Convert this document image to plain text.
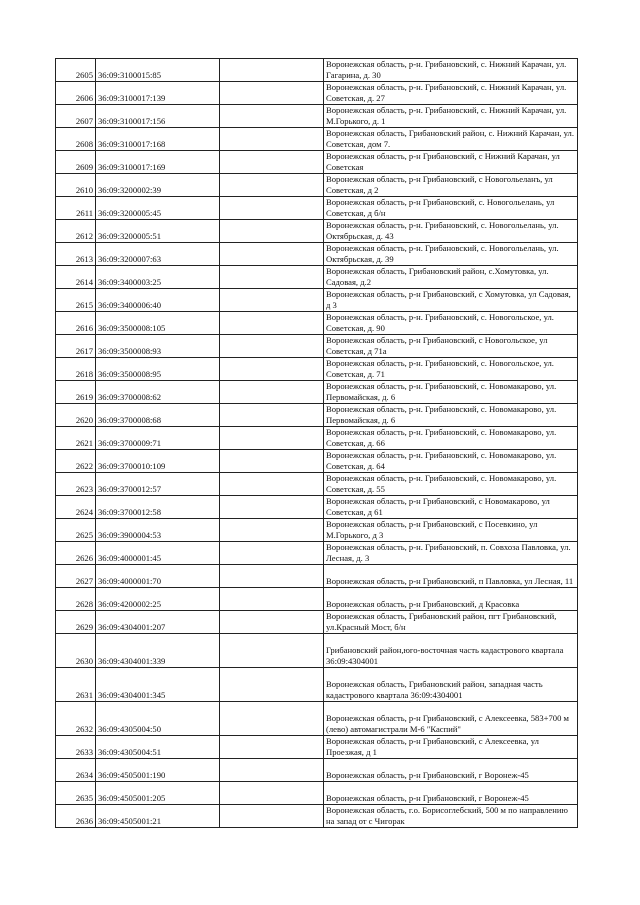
2605	36:09:3100015:85		Воронежская область, р-н. Грибановский, с. Нижний Карачан, ул. Гагарина, д. 30

2606	36:09:3100017:139		Воронежская область, р-н. Грибановский, с. Нижний Карачан, ул. Советская, д. 27

2607	36:09:3100017:156		Воронежская область, р-н. Грибановский, с. Нижний Карачан, ул. М.Горького, д. 1

2608	36:09:3100017:168		Воронежская область, Грибановский район, с. Нижний Карачан, ул. Советская, дом 7.

2609	36:09:3100017:169		Воронежская область, р-н Грибановский, с Нижний Карачан, ул Советская

2610	36:09:3200002:39		Воронежская область, р-н Грибановский, с Новогольеланъ, ул Советская, д 2

2611	36:09:3200005:45		Воронежская область, р-н Грибановский, с. Новогольелань, ул Советская, д б/н

2612	36:09:3200005:51		Воронежская область, р-н. Грибановский, с. Новогольелань, ул. Октябрьская, д. 43

2613	36:09:3200007:63		Воронежская область, р-н. Грибановский, с. Новогольелань, ул. Октябрьская, д. 39

2614	36:09:3400003:25		Воронежская область, Грибановский район, с.Хомутовка, ул. Садовая, д.2

2615	36:09:3400006:40		Воронежская область, р-н Грибановский, с Хомутовка, ул Садовая, д 3

2616	36:09:3500008:105		Воронежская область, р-н. Грибановский, с. Новогольское, ул. Советская, д. 90

2617	36:09:3500008:93		Воронежская область, р-н Грибановский, с Новогольское, ул Советская, д 71а

2618	36:09:3500008:95		Воронежская область, р-н. Грибановский, с. Новогольское, ул. Советская, д. 71

2619	36:09:3700008:62		Воронежская область, р-н. Грибановский, с. Новомакарово, ул. Первомайская, д. 6

2620	36:09:3700008:68		Воронежская область, р-н. Грибановский, с. Новомакарово, ул. Первомайская, д. 6

2621	36:09:3700009:71		Воронежская область, р-н. Грибановский, с. Новомакарово, ул. Советская, д. 66

2622	36:09:3700010:109		Воронежская область, р-н. Грибановский, с. Новомакарово, ул. Советская, д. 64

2623	36:09:3700012:57		Воронежская область, р-н. Грибановский, с. Новомакарово, ул. Советская, д. 55

2624	36:09:3700012:58		Воронежская область, р-н Грибановский, с Новомакарово, ул Советская, д 61

2625	36:09:3900004:53		Воронежская область, р-н Грибановский, с Посевкино, ул М.Горького, д 3

2626	36:09:4000001:45		Воронежская область, р-н. Грибановский, п. Совхоза Павловка, ул. Лесная, д. 3

2627	36:09:4000001:70		Воронежская область, р-н Грибановский, п Павловка, ул Лесная, 11

2628	36:09:4200002:25		Воронежская область, р-н Грибановский, д Красовка

2629	36:09:4304001:207		Воронежская область, Грибановский район, пгт Грибановский, ул.Красный Мост, б/н

2630	36:09:4304001:339		Грибановский район,юго-восточная часть кадастрового квартала 36:09:4304001

2631	36:09:4304001:345		Воронежская область, Грибановский район, западная часть кадастрового квартала 36:09:4304001

2632	36:09:4305004:50		Воронежская область, р-н Грибановский, с Алексеевка, 583+700 м (лево) автомагистрали М-6 "Каспий"

2633	36:09:4305004:51		Воронежская область, р-н Грибановский, с Алексеевка, ул Проезжая, д 1

2634	36:09:4505001:190		Воронежская область, р-н Грибановский, г Воронеж-45

2635	36:09:4505001:205		Воронежская область, р-н Грибановский, г Воронеж-45

2636	36:09:4505001:21		Воронежская область, г.о. Борисоглебский, 500 м по направлению на запад от с Чигорак
